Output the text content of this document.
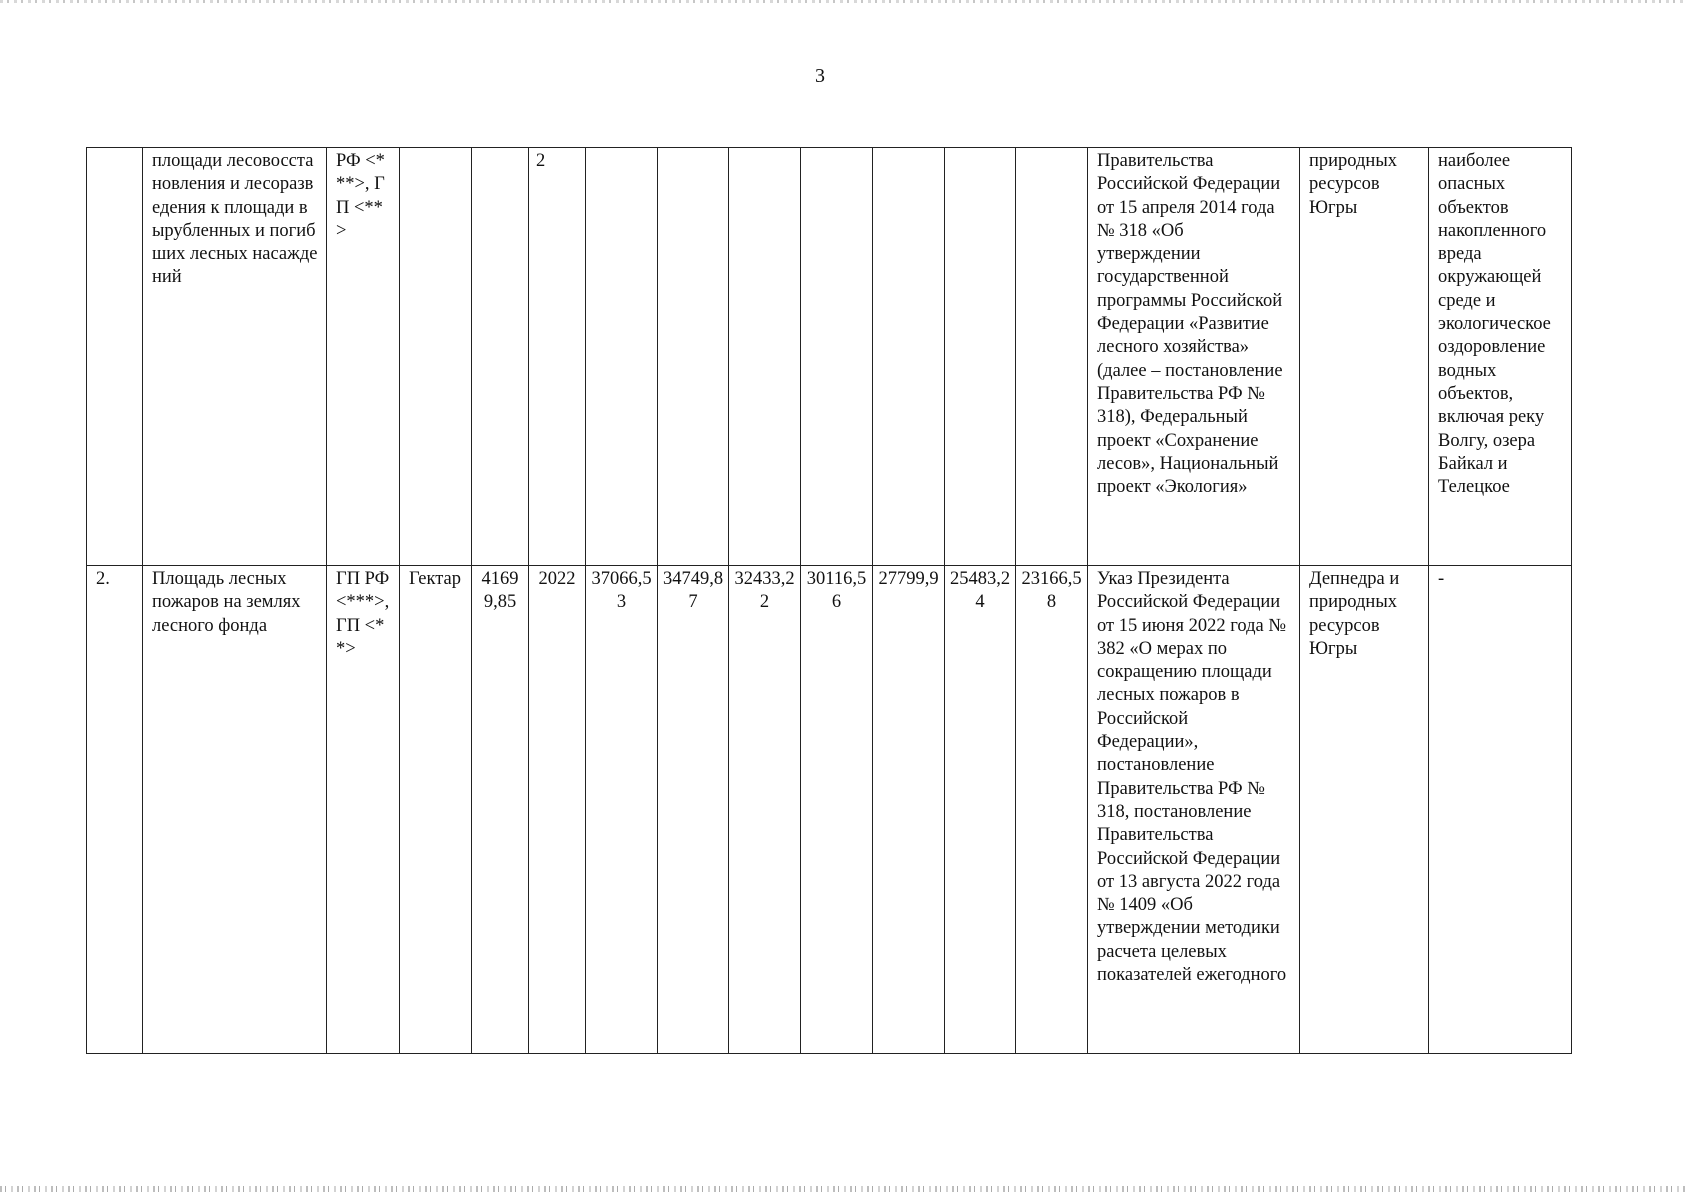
3
	площади лесовосстановления и лесоразведения к площади вырубленных и погибших лесных насаждений	РФ <***>, ГП <**>			2								Правительства Российской Федерации от 15 апреля 2014 года № 318 «Об утверждении государственной программы Российской Федерации «Развитие лесного хозяйства» (далее – постановление Правительства РФ № 318), Федеральный проект «Сохранение лесов», Национальный проект «Экология»	природных ресурсов Югры	наиболее опасных объектов накопленного вреда окружающей среде и экологическое оздоровление водных объектов, включая реку Волгу, озера Байкал и Телецкое
2.	Площадь лесных пожаров на землях лесного фонда	ГП РФ <***>, ГП <**>	Гектар	41699,85	2022	37066,53	34749,87	32433,22	30116,56	27799,9	25483,24	23166,58	Указ Президента Российской Федерации от 15 июня 2022 года № 382 «О мерах по сокращению площади лесных пожаров в Российской Федерации», постановление Правительства РФ № 318, постановление Правительства Российской Федерации от 13 августа 2022 года № 1409 «Об утверждении методики расчета целевых показателей ежегодного	Депнедра и природных ресурсов Югры	-
